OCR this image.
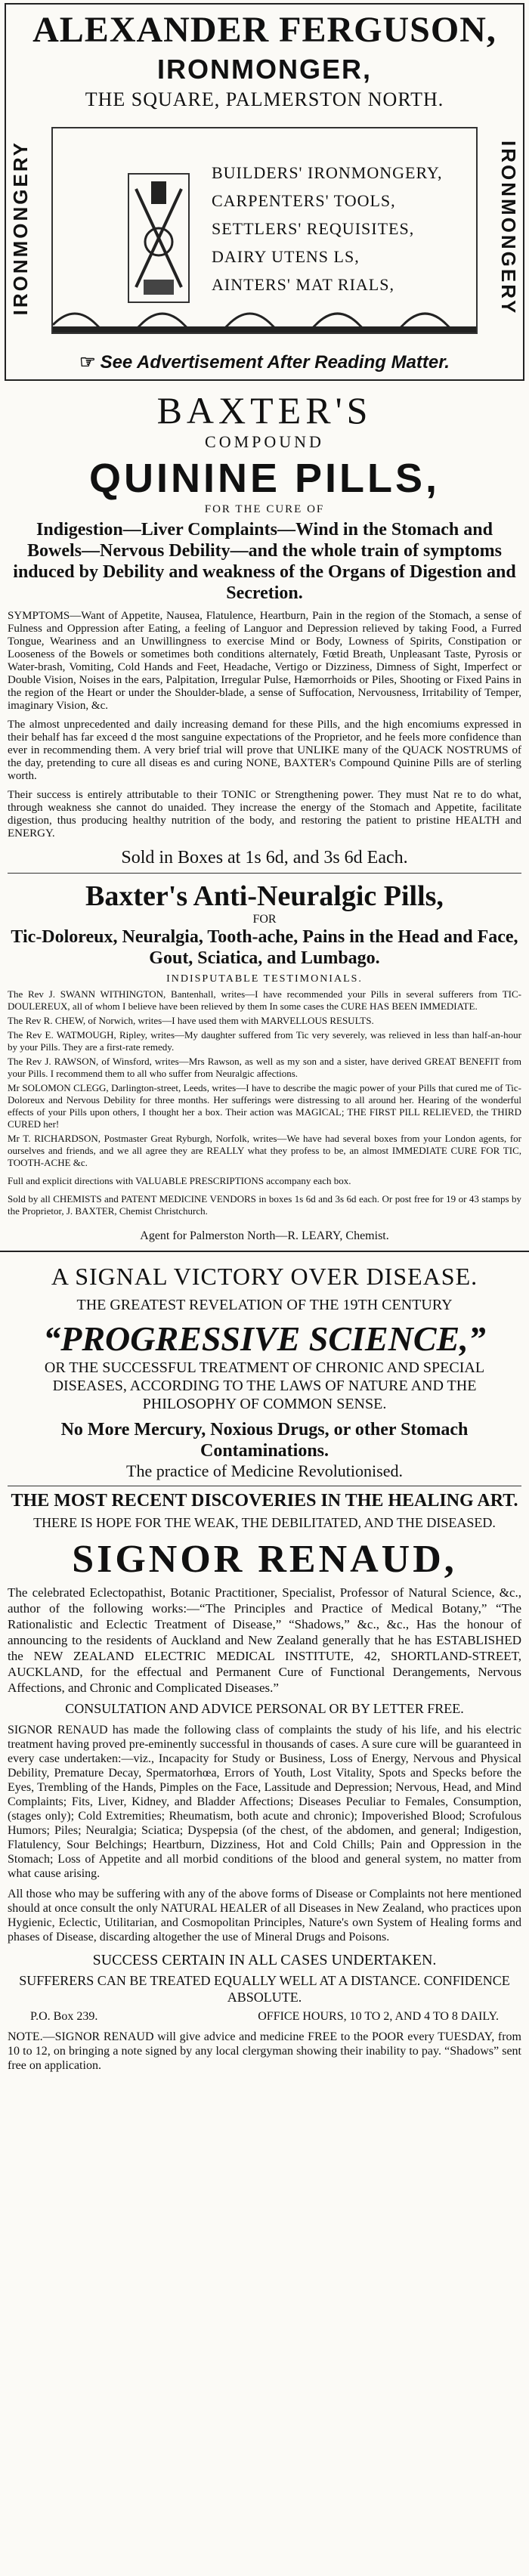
ALEXANDER FERGUSON,
IRONMONGER,
THE SQUARE, PALMERSTON NORTH.
IRONMONGERY	IRONMONGERY
BUILDERS' IRONMONGERY,
CARPENTERS' TOOLS,
SETTLERS' REQUISITES,
DAIRY UTENS LS,
AINTERS' MAT RIALS,
☞ See Advertisement After Reading Matter.
BAXTER'S
COMPOUND
QUININE PILLS,
FOR THE CURE OF
Indigestion—Liver Complaints—Wind in the Stomach and Bowels—Nervous Debility—and the whole train of symptoms induced by Debility and weakness of the Organs of Digestion and Secretion.

SYMPTOMS—Want of Appetite, Nausea, Flatulence, Heartburn, Pain in the region of the Stomach, a sense of Fulness and Oppression after Eating, a feeling of Languor and Depression relieved by taking Food, a Furred Tongue, Weariness and an Unwillingness to exercise Mind or Body, Lowness of Spirits, Constipation or Looseness of the Bowels or sometimes both conditions alternately, Fœtid Breath, Unpleasant Taste, Pyrosis or Water-brash, Vomiting, Cold Hands and Feet, Headache, Vertigo or Dizziness, Dimness of Sight, Imperfect or Double Vision, Noises in the ears, Palpitation, Irregular Pulse, Hæmorrhoids or Piles, Shooting or Fixed Pains in the region of the Heart or under the Shoulder-blade, a sense of Suffocation, Nervousness, Irritability of Temper, imaginary Vision, &c.

The almost unprecedented and daily increasing demand for these Pills, and the high encomiums expressed in their behalf has far exceed d the most sanguine expectations of the Proprietor, and he feels more confidence than ever in recommending them. A very brief trial will prove that UNLIKE many of the QUACK NOSTRUMS of the day, pretending to cure all diseas es and curing NONE, BAXTER's Compound Quinine Pills are of sterling worth.

Their success is entirely attributable to their TONIC or Strengthening power. They must Nat re to do what, through weakness she cannot do unaided. They increase the energy of the Stomach and Appetite, facilitate digestion, thus producing healthy nutrition of the body, and restoring the patient to pristine HEALTH and ENERGY.

Sold in Boxes at 1s 6d, and 3s 6d Each.
Baxter's Anti-Neuralgic Pills,
FOR
Tic-Doloreux, Neuralgia, Tooth-ache, Pains in the Head and Face, Gout, Sciatica, and Lumbago.
INDISPUTABLE TESTIMONIALS.

The Rev J. SWANN WITHINGTON, Bantenhall, writes—I have recommended your Pills in several sufferers from TIC-DOULEREUX, all of whom I believe have been relieved by them In some cases the CURE HAS BEEN IMMEDIATE.

The Rev R. CHEW, of Norwich, writes—I have used them with MARVELLOUS RESULTS.

The Rev E. WATMOUGH, Ripley, writes—My daughter suffered from Tic very severely, was relieved in less than half-an-hour by your Pills. They are a first-rate remedy.

The Rev J. RAWSON, of Winsford, writes—Mrs Rawson, as well as my son and a sister, have derived GREAT BENEFIT from your Pills. I recommend them to all who suffer from Neuralgic affections.

Mr SOLOMON CLEGG, Darlington-street, Leeds, writes—I have to describe the magic power of your Pills that cured me of Tic-Doloreux and Nervous Debility for three months. Her sufferings were distressing to all around her. Hearing of the wonderful effects of your Pills upon others, I thought her a box. Their action was MAGICAL; THE FIRST PILL RELIEVED, the THIRD CURED her!

Mr T. RICHARDSON, Postmaster Great Ryburgh, Norfolk, writes—We have had several boxes from your London agents, for ourselves and friends, and we all agree they are REALLY what they profess to be, an almost IMMEDIATE CURE FOR TIC, TOOTH-ACHE &c.

Full and explicit directions with VALUABLE PRESCRIPTIONS accompany each box.

Sold by all CHEMISTS and PATENT MEDICINE VENDORS in boxes 1s 6d and 3s 6d each. Or post free for 19 or 43 stamps by the Proprietor, J. BAXTER, Chemist Christchurch.

Agent for Palmerston North—R. LEARY, Chemist.
A SIGNAL VICTORY OVER DISEASE.
THE GREATEST REVELATION OF THE 19TH CENTURY
“PROGRESSIVE SCIENCE,”
OR THE SUCCESSFUL TREATMENT OF CHRONIC AND SPECIAL DISEASES, ACCORDING TO THE LAWS OF NATURE AND THE PHILOSOPHY OF COMMON SENSE.
No More Mercury, Noxious Drugs, or other Stomach Contaminations.
The practice of Medicine Revolutionised.
THE MOST RECENT DISCOVERIES IN THE HEALING ART.
THERE IS HOPE FOR THE WEAK, THE DEBILITATED, AND THE DISEASED.
SIGNOR RENAUD,

The celebrated Eclectopathist, Botanic Practitioner, Specialist, Professor of Natural Science, &c., author of the following works:—“The Principles and Practice of Medical Botany,” “The Rationalistic and Eclectic Treatment of Disease,” “Shadows,” &c., &c., Has the honour of announcing to the residents of Auckland and New Zealand generally that he has ESTABLISHED the NEW ZEALAND ELECTRIC MEDICAL INSTITUTE, 42, SHORTLAND-STREET, AUCKLAND, for the effectual and Permanent Cure of Functional Derangements, Nervous Affections, and Chronic and Complicated Diseases.”

CONSULTATION AND ADVICE PERSONAL OR BY LETTER FREE.

SIGNOR RENAUD has made the following class of complaints the study of his life, and his electric treatment having proved pre-eminently successful in thousands of cases. A sure cure will be guaranteed in every case undertaken:—viz., Incapacity for Study or Business, Loss of Energy, Nervous and Physical Debility, Premature Decay, Spermatorhœa, Errors of Youth, Lost Vitality, Spots and Specks before the Eyes, Trembling of the Hands, Pimples on the Face, Lassitude and Depression; Nervous, Head, and Mind Complaints; Fits, Liver, Kidney, and Bladder Affections; Diseases Peculiar to Females, Consumption, (stages only); Cold Extremities; Rheumatism, both acute and chronic); Impoverished Blood; Scrofulous Humors; Piles; Neuralgia; Sciatica; Dyspepsia (of the chest, of the abdomen, and general; Indigestion, Flatulency, Sour Belchings; Heartburn, Dizziness, Hot and Cold Chills; Pain and Oppression in the Stomach; Loss of Appetite and all morbid conditions of the blood and general system, no matter from what cause arising.

All those who may be suffering with any of the above forms of Disease or Complaints not here mentioned should at once consult the only NATURAL HEALER of all Diseases in New Zealand, who practices upon Hygienic, Eclectic, Utilitarian, and Cosmopolitan Principles, Nature's own System of Healing forms and phases of Disease, discarding altogether the use of Mineral Drugs and Poisons.

SUCCESS CERTAIN IN ALL CASES UNDERTAKEN.
SUFFERERS CAN BE TREATED EQUALLY WELL AT A DISTANCE. CONFIDENCE ABSOLUTE.
P.O. Box 239.	OFFICE HOURS, 10 TO 2, AND 4 TO 8 DAILY.

NOTE.—SIGNOR RENAUD will give advice and medicine FREE to the POOR every TUESDAY, from 10 to 12, on bringing a note signed by any local clergyman showing their inability to pay. “Shadows” sent free on application.
